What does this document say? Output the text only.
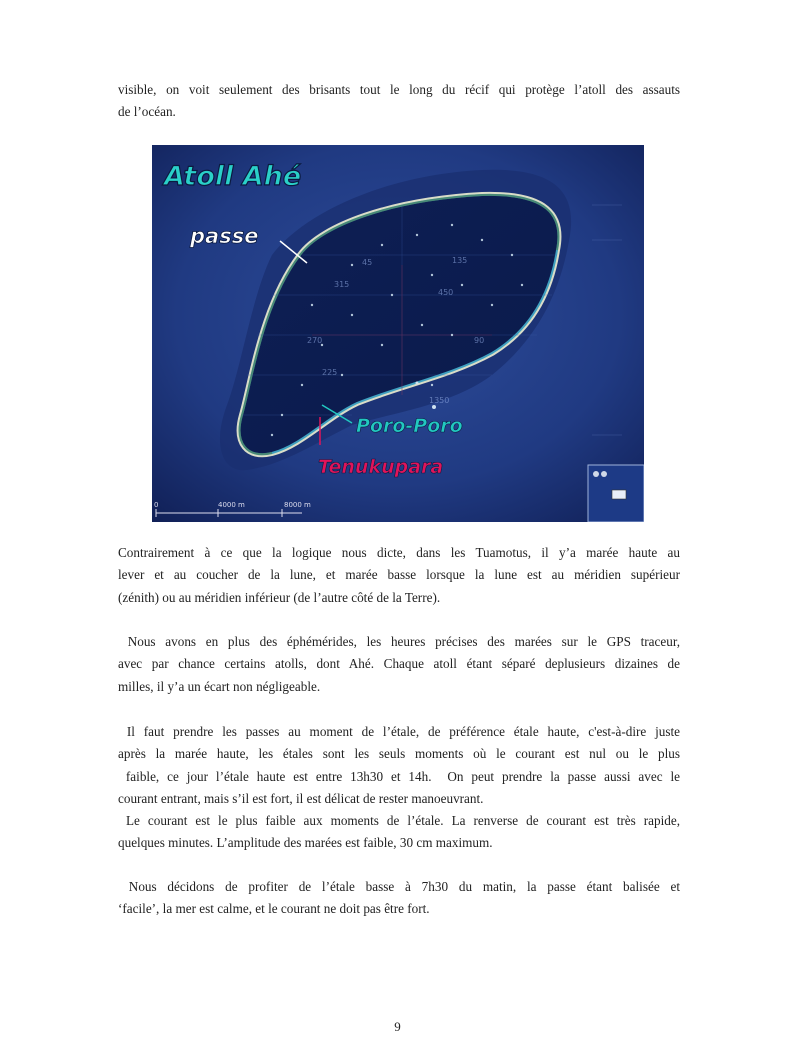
visible, on voit seulement des brisants tout le long du récif qui protège l’atoll des assauts
de l’océan.
315
270
225
135
90
45
1350
450
Atoll Ahé
passe
Poro-Poro
Tenukupara
0	4000 m	8000 m
Contrairement à ce que la logique nous dicte, dans les Tuamotus, il y’a marée haute au
lever et au coucher de la lune, et marée basse lorsque la lune est au méridien supérieur
(zénith) ou au méridien inférieur (de l’autre côté de la Terre).
Nous avons en plus des éphémérides, les heures précises des marées sur le GPS traceur,
avec par chance certains atolls, dont Ahé. Chaque atoll étant séparé deplusieurs dizaines de
milles, il y’a un écart non négligeable.
Il faut prendre les passes au moment de l’étale, de préférence étale haute, c'est-à-dire juste
après la marée haute, les étales sont les seuls moments où le courant est nul ou le plus
faible, ce jour l’étale haute est entre 13h30 et 14h.  On peut prendre la passe aussi avec le
courant entrant, mais s’il est fort, il est délicat de rester manoeuvrant.
Le courant est le plus faible aux moments de l’étale. La renverse de courant est très rapide,
quelques minutes. L’amplitude des marées est faible, 30 cm maximum.
Nous décidons de profiter de l’étale basse à 7h30 du matin, la passe étant balisée et
‘facile’, la mer est calme, et le courant ne doit pas être fort.
9
